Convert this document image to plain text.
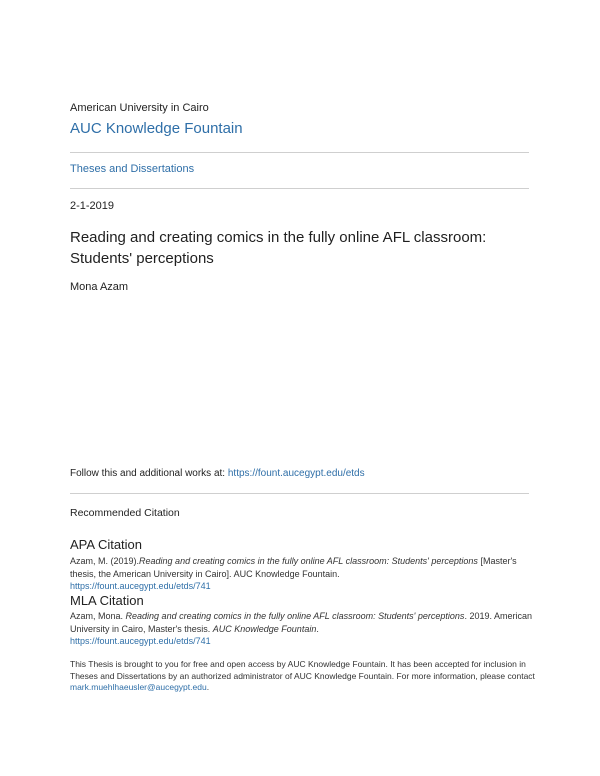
American University in Cairo
AUC Knowledge Fountain
Theses and Dissertations
2-1-2019
Reading and creating comics in the fully online AFL classroom: Students' perceptions
Mona Azam
Follow this and additional works at: https://fount.aucegypt.edu/etds
Recommended Citation
APA Citation
Azam, M. (2019).Reading and creating comics in the fully online AFL classroom: Students' perceptions [Master's thesis, the American University in Cairo]. AUC Knowledge Fountain.
https://fount.aucegypt.edu/etds/741
MLA Citation
Azam, Mona. Reading and creating comics in the fully online AFL classroom: Students' perceptions. 2019. American University in Cairo, Master's thesis. AUC Knowledge Fountain.
https://fount.aucegypt.edu/etds/741
This Thesis is brought to you for free and open access by AUC Knowledge Fountain. It has been accepted for inclusion in Theses and Dissertations by an authorized administrator of AUC Knowledge Fountain. For more information, please contact mark.muehlhaeusler@aucegypt.edu.
